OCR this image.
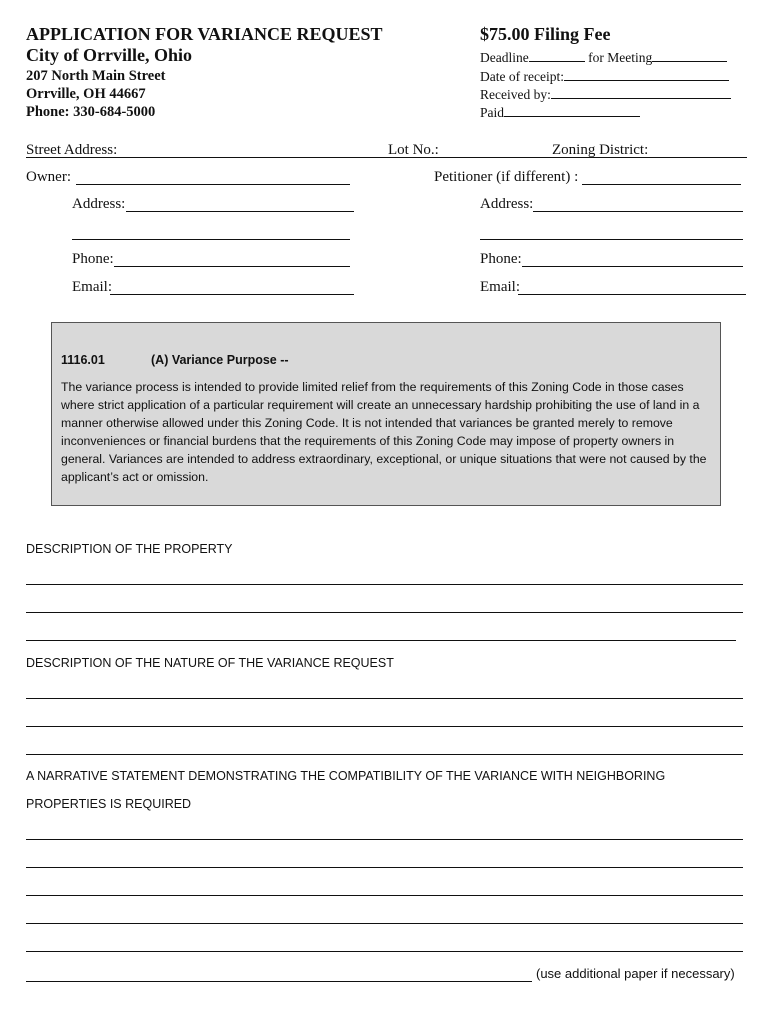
APPLICATION FOR VARIANCE REQUEST	$75.00 Filing Fee
City of Orrville, Ohio
207 North Main Street
Orrville, OH 44667
Phone: 330-684-5000
Deadline	for Meeting
Date of receipt:
Received by:
Paid
Street Address:	Lot No.:	Zoning District:
Owner:
Address:
Phone:
Email:
Petitioner (if different) :
Address:
Phone:
Email:
1116.01	(A) Variance Purpose --
The variance process is intended to provide limited relief from the requirements of this Zoning Code in those cases where strict application of a particular requirement will create an unnecessary hardship prohibiting the use of land in a manner otherwise allowed under this Zoning Code. It is not intended that variances be granted merely to remove inconveniences or financial burdens that the requirements of this Zoning Code may impose of property owners in general. Variances are intended to address extraordinary, exceptional, or unique situations that were not caused by the applicant’s act or omission.
DESCRIPTION OF THE PROPERTY
DESCRIPTION OF THE NATURE OF THE VARIANCE REQUEST
A NARRATIVE STATEMENT DEMONSTRATING THE COMPATIBILITY OF THE VARIANCE WITH NEIGHBORING
PROPERTIES IS REQUIRED
(use additional paper if necessary)
